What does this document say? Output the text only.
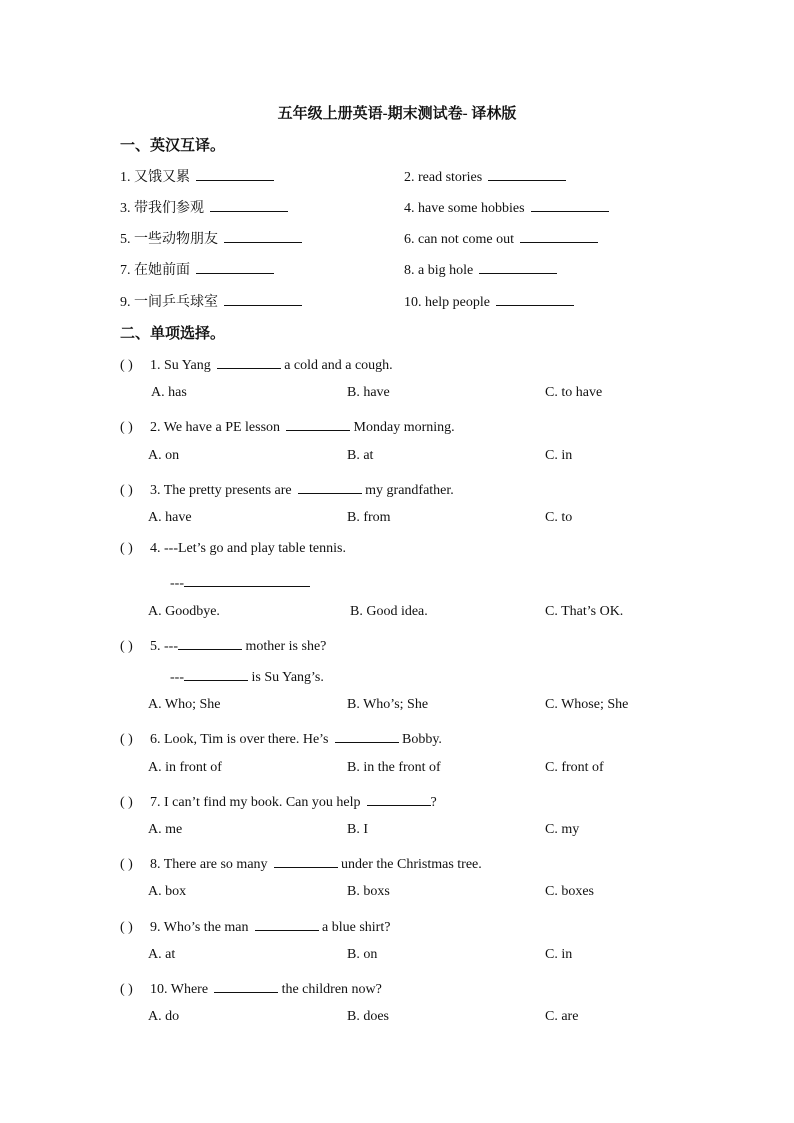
五年级上册英语-期末测试卷- 译林版
一、英汉互译。
1. 又饿又累	2. read stories
3. 带我们参观	4. have some hobbies
5. 一些动物朋友	6. can not come out
7. 在她前面	8. a big hole
9. 一间乒乓球室	10. help people
二、单项选择。
( ) 1. Su Yang	a cold and a cough.
A. has	B. have	C. to have
( ) 2. We have a PE lesson	Monday morning.
A. on	B. at	C. in
( ) 3. The pretty presents are	my grandfather.
A. have	B. from	C. to
( ) 4. ---Let’s go and play table tennis.
---
A. Goodbye.	B. Good idea.	C. That’s OK.
( ) 5. ---	mother is she?
---	is Su Yang’s.
A. Who; She	B. Who’s; She	C. Whose; She
( ) 6. Look, Tim is over there. He’s	Bobby.
A. in front of	B. in the front of	C. front of
( ) 7. I can’t find my book. Can you help	?
A. me	B. I	C. my
( ) 8. There are so many	under the Christmas tree.
A. box	B. boxs	C. boxes
( ) 9. Who’s the man	a blue shirt?
A. at	B. on	C. in
( ) 10. Where	the children now?
A. do	B. does	C. are
